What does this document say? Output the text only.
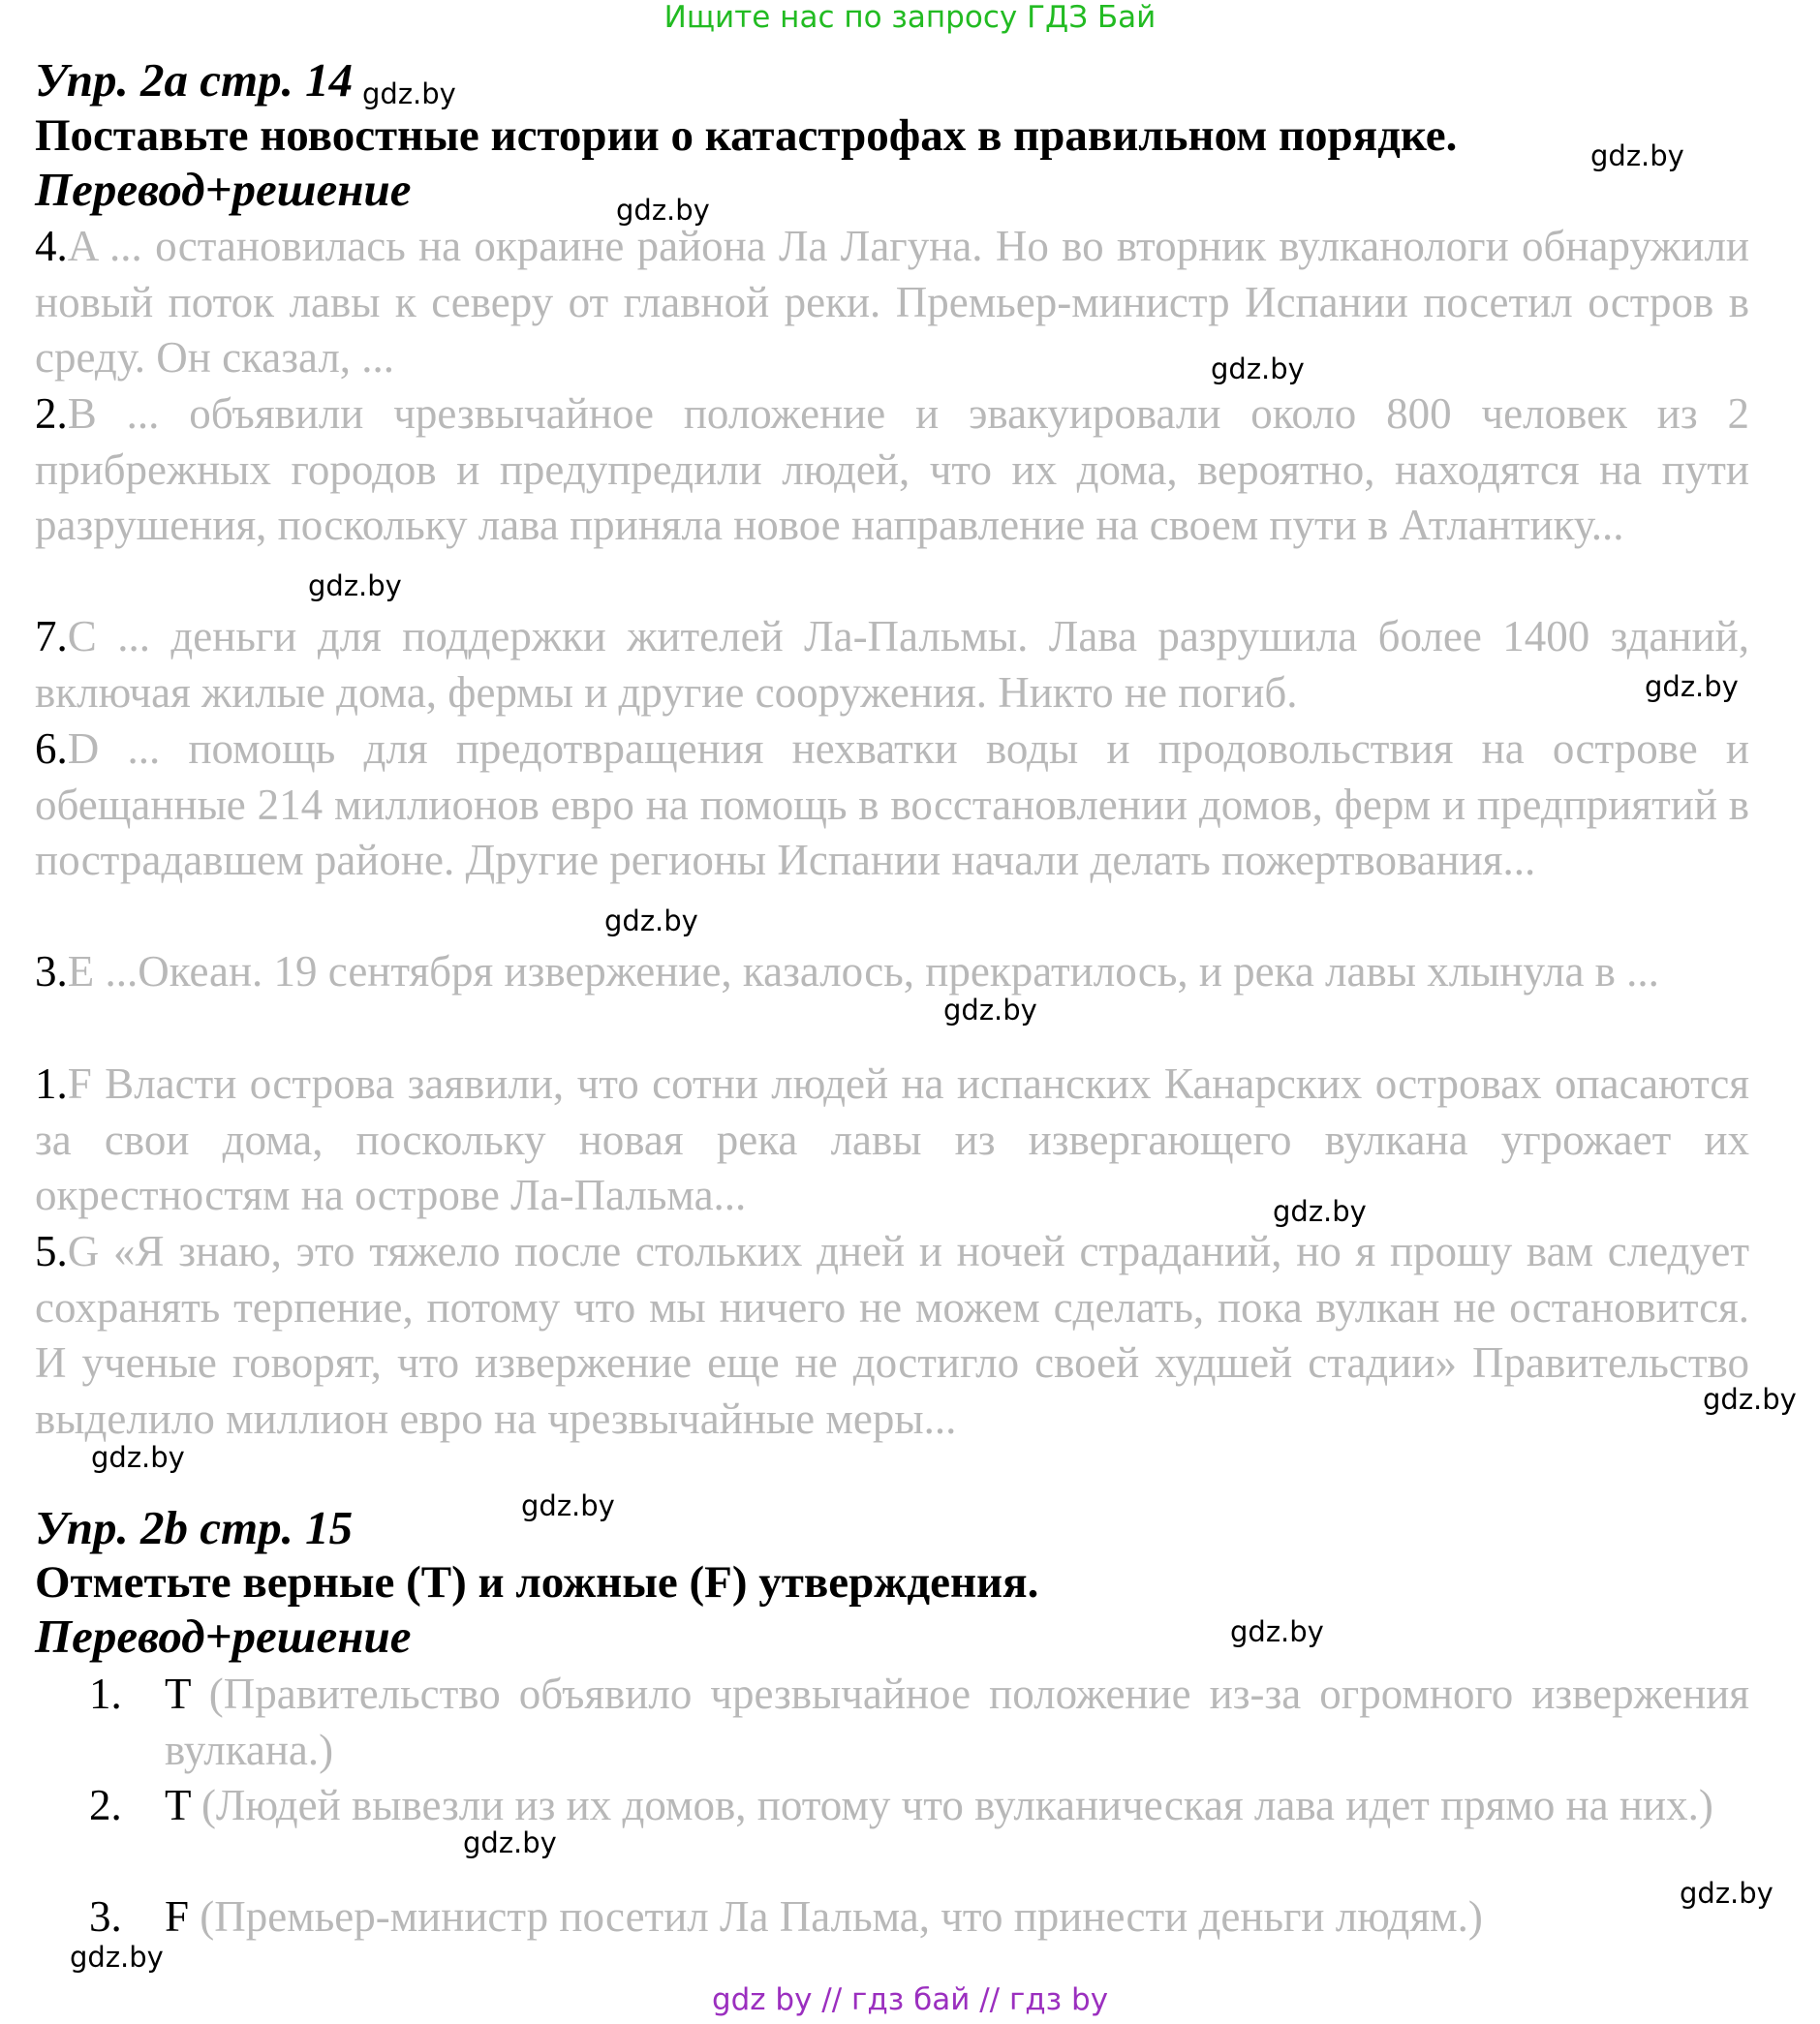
Ищите нас по запросу ГДЗ Бай
Упр. 2a стр. 14
Поставьте новостные истории о катастрофах в правильном порядке.
Перевод+решение
4.A ... остановилась на окраине района Ла Лагуна. Но во вторник вулканологи обнаружили новый поток лавы к северу от главной реки. Премьер-министр Испании посетил остров в среду. Он сказал, ...
2.B ... объявили чрезвычайное положение и эвакуировали около 800 человек из 2 прибрежных городов и предупредили людей, что их дома, вероятно, находятся на пути разрушения, поскольку лава приняла новое направление на своем пути в Атлантику...
7.C ... деньги для поддержки жителей Ла-Пальмы. Лава разрушила более 1400 зданий, включая жилые дома, фермы и другие сооружения. Никто не погиб.
6.D ... помощь для предотвращения нехватки воды и продовольствия на острове и обещанные 214 миллионов евро на помощь в восстановлении домов, ферм и предприятий в пострадавшем районе. Другие регионы Испании начали делать пожертвования...
3.E ...Океан. 19 сентября извержение, казалось, прекратилось, и река лавы хлынула в ...
1.F Власти острова заявили, что сотни людей на испанских Канарских островах опасаются за свои дома, поскольку новая река лавы из извергающего вулкана угрожает их окрестностям на острове Ла-Пальма...
5.G «Я знаю, это тяжело после стольких дней и ночей страданий, но я прошу вам следует сохранять терпение, потому что мы ничего не можем сделать, пока вулкан не остановится. И ученые говорят, что извержение еще не достигло своей худшей стадии» Правительство выделило миллион евро на чрезвычайные меры...
Упр. 2b стр. 15
Отметьте верные (T) и ложные (F) утверждения.
Перевод+решение
1. T (Правительство объявило чрезвычайное положение из-за огромного извержения вулкана.)
2. T (Людей вывезли из их домов, потому что вулканическая лава идет прямо на них.)
3. F (Премьер-министр посетил Ла Пальма, что принести деньги людям.)
gdz.by
gdz.by
gdz.by
gdz.by
gdz.by
gdz.by
gdz.by
gdz.by
gdz.by
gdz.by
gdz.by
gdz.by
gdz.by
gdz.by
gdz.by
gdz.by
gdz by // гдз бай // гдз by
